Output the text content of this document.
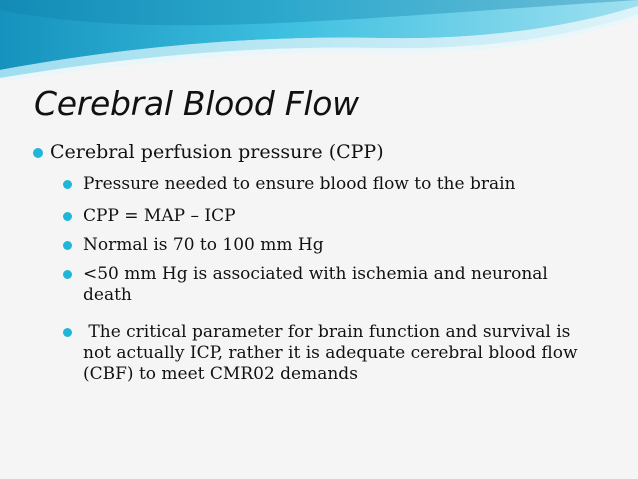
Cerebral Blood Flow
Cerebral perfusion pressure (CPP)
Pressure needed to ensure blood flow to the brain
CPP = MAP – ICP
Normal is 70 to 100 mm Hg
<50 mm Hg is associated with ischemia and neuronal death
The critical parameter for brain function and survival is not actually ICP, rather it is adequate cerebral blood flow (CBF) to meet CMR02 demands
